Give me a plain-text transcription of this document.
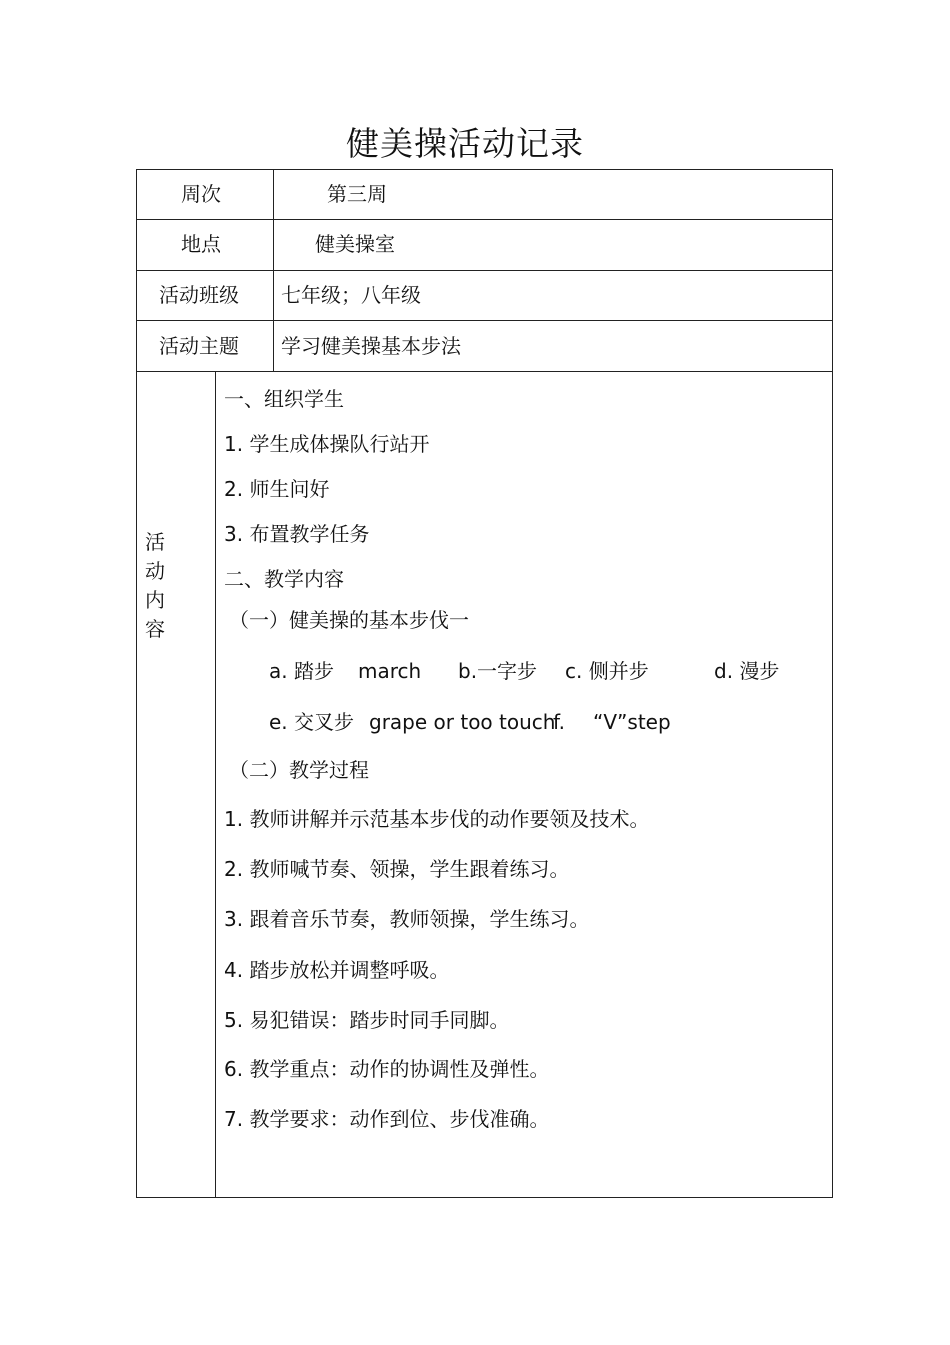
健美操活动记录
周次	第三周
地点	健美操室
活动班级 七年级；八年级
活动主题 学习健美操基本步法
活
动
内
容
一、组织学生
1. 学生成体操队行站开
2. 师生问好
3. 布置教学任务
二、教学内容
（一）健美操的基本步伐一
a. 踏步 march b.一字步 c. 侧并步	d. 漫步
e. 交叉步 grape or too touch
f. “V”step
（二）教学过程
1. 教师讲解并示范基本步伐的动作要领及技术。
2. 教师喊节奏、领操，学生跟着练习。
3. 跟着音乐节奏，教师领操，学生练习。
4. 踏步放松并调整呼吸。
5. 易犯错误：踏步时同手同脚。
6. 教学重点：动作的协调性及弹性。
7. 教学要求：动作到位、步伐准确。
